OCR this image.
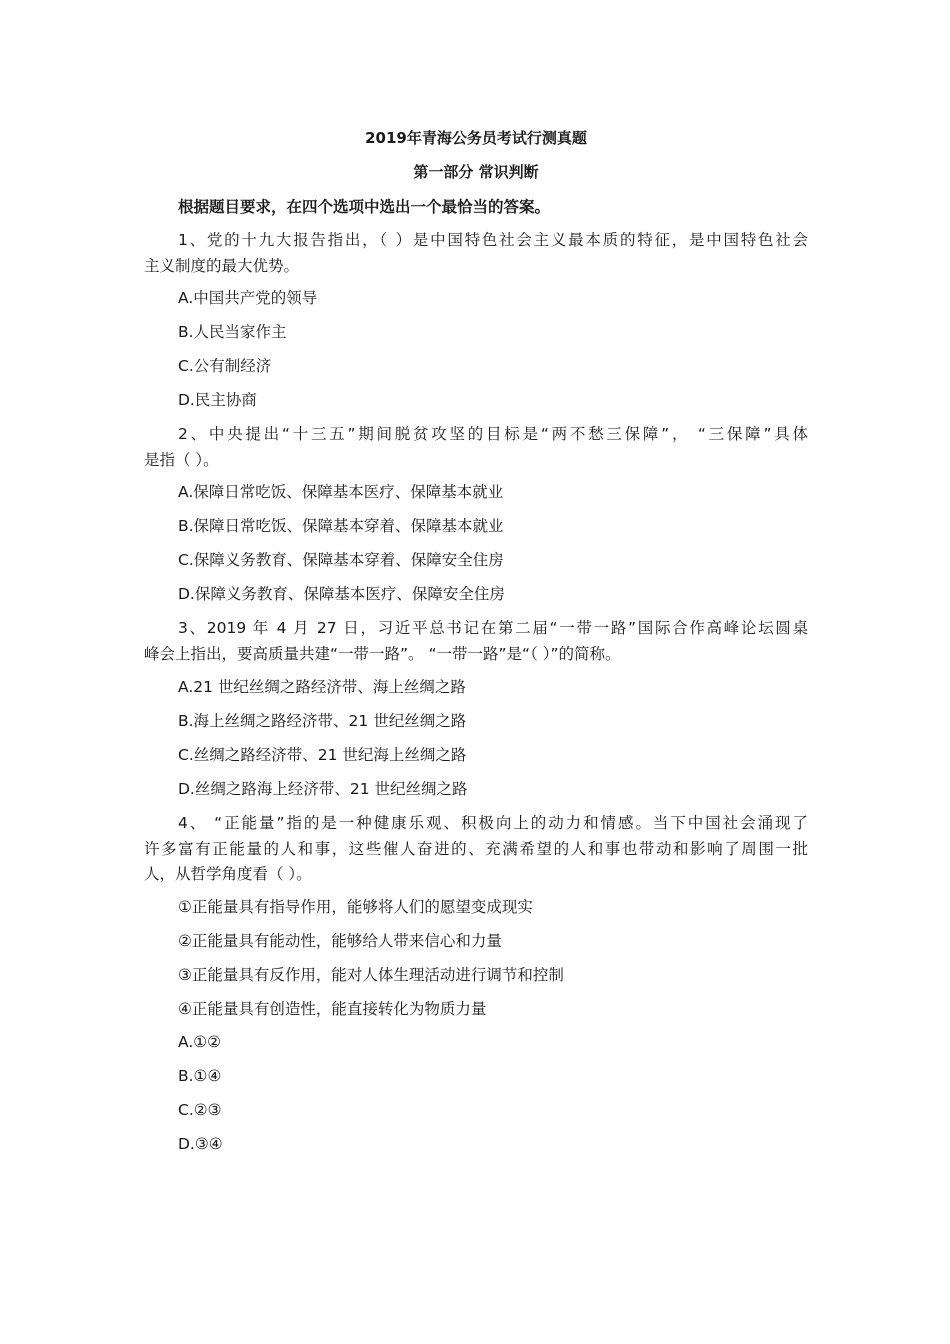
2019年青海公务员考试行测真题
第一部分 常识判断
根据题目要求，在四个选项中选出一个最恰当的答案。
1、党的十九大报告指出，（ ）是中国特色社会主义最本质的特征，是中国特色社会
主义制度的最大优势。
A.中国共产党的领导
B.人民当家作主
C.公有制经济
D.民主协商
2、中央提出“十三五”期间脱贫攻坚的目标是“两不愁三保障”， “三保障”具体
是指（ ）。
A.保障日常吃饭、保障基本医疗、保障基本就业
B.保障日常吃饭、保障基本穿着、保障基本就业
C.保障义务教育、保障基本穿着、保障安全住房
D.保障义务教育、保障基本医疗、保障安全住房
3、2019 年 4 月 27 日，习近平总书记在第二届“一带一路”国际合作高峰论坛圆桌
峰会上指出，要高质量共建“一带一路”。 “一带一路”是“（ ）”的简称。
A.21 世纪丝绸之路经济带、海上丝绸之路
B.海上丝绸之路经济带、21 世纪丝绸之路
C.丝绸之路经济带、21 世纪海上丝绸之路
D.丝绸之路海上经济带、21 世纪丝绸之路
4、 “正能量”指的是一种健康乐观、积极向上的动力和情感。当下中国社会涌现了
许多富有正能量的人和事，这些催人奋进的、充满希望的人和事也带动和影响了周围一批
人，从哲学角度看（ ）。
①正能量具有指导作用，能够将人们的愿望变成现实
②正能量具有能动性，能够给人带来信心和力量
③正能量具有反作用，能对人体生理活动进行调节和控制
④正能量具有创造性，能直接转化为物质力量
A.①②
B.①④
C.②③
D.③④
